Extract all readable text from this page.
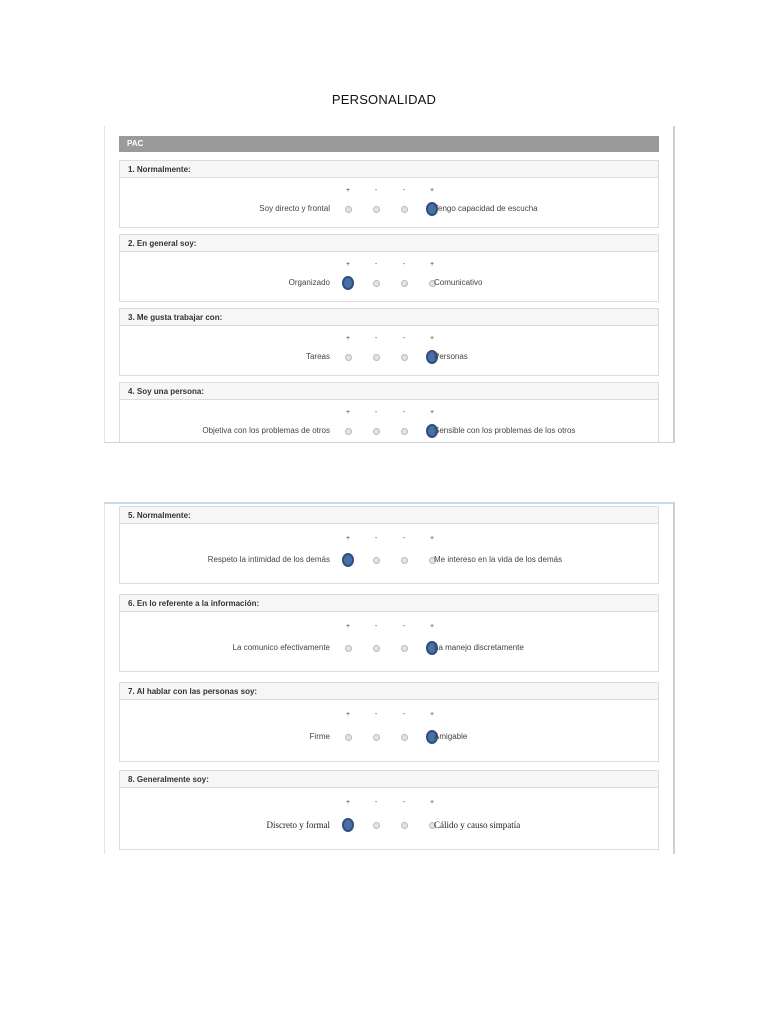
PERSONALIDAD
PAC
1. Normalmente:
+	-	-	+
Soy directo y frontal	Tengo capacidad de escucha
2. En general soy:
+	-	-	+
Organizado	Comunicativo
3. Me gusta trabajar con:
+	-	-	+
Tareas	Personas
4. Soy una persona:
+	-	-	+
Objetiva con los problemas de otros	Sensible con los problemas de los otros
5. Normalmente:
+	-	-	+
Respeto la intimidad de los demás	Me intereso en la vida de los demás
6. En lo referente a la información:
+	-	-	+
La comunico efectivamente	La manejo discretamente
7. Al hablar con las personas soy:
+	-	-	+
Firme	Amigable
8. Generalmente soy:
+	-	-	+
Discreto y formal	Cálido y causo simpatía
